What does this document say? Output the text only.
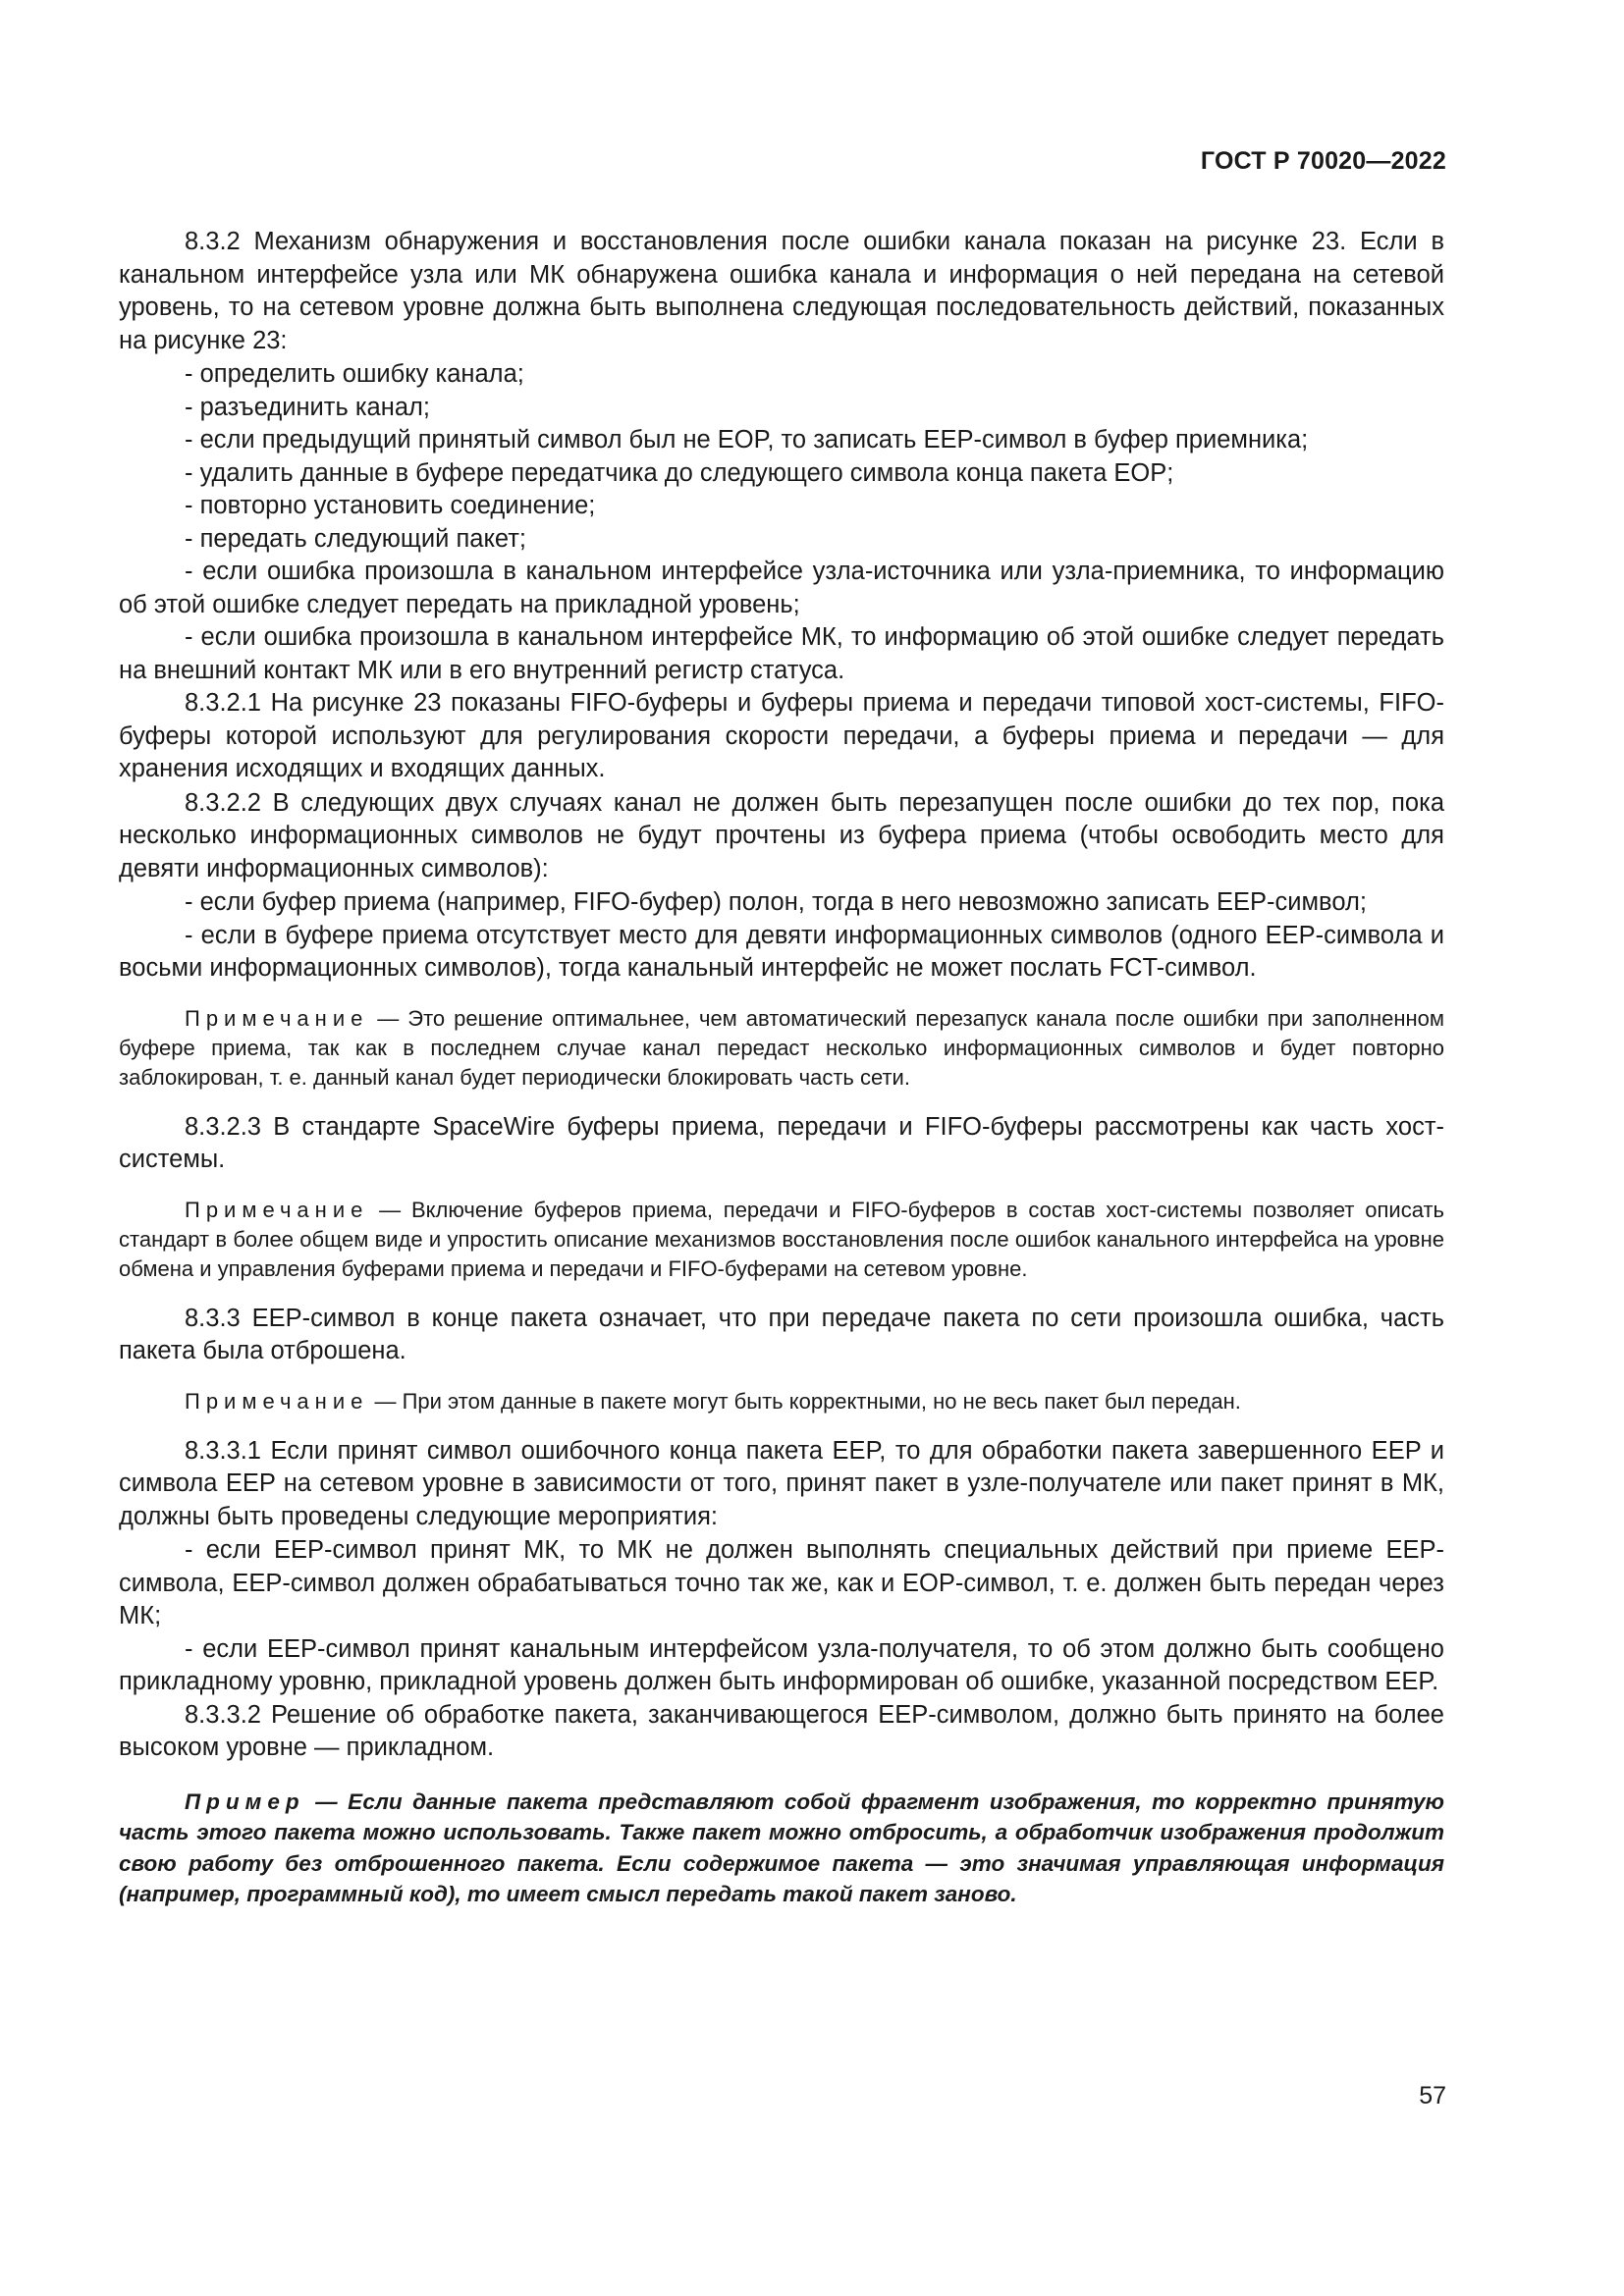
ГОСТ Р 70020—2022

8.3.2 Механизм обнаружения и восстановления после ошибки канала показан на рисунке 23. Если в канальном интерфейсе узла или МК обнаружена ошибка канала и информация о ней передана на сетевой уровень, то на сетевом уровне должна быть выполнена следующая последовательность действий, показанных на рисунке 23:

- определить ошибку канала;

- разъединить канал;

- если предыдущий принятый символ был не EOP, то записать EEP-символ в буфер приемника;

- удалить данные в буфере передатчика до следующего символа конца пакета EOP;

- повторно установить соединение;

- передать следующий пакет;

- если ошибка произошла в канальном интерфейсе узла-источника или узла-приемника, то информацию об этой ошибке следует передать на прикладной уровень;

- если ошибка произошла в канальном интерфейсе МК, то информацию об этой ошибке следует передать на внешний контакт МК или в его внутренний регистр статуса.

8.3.2.1 На рисунке 23 показаны FIFO-буферы и буферы приема и передачи типовой хост-системы, FIFO-буферы которой используют для регулирования скорости передачи, а буферы приема и передачи — для хранения исходящих и входящих данных.

8.3.2.2 В следующих двух случаях канал не должен быть перезапущен после ошибки до тех пор, пока несколько информационных символов не будут прочтены из буфера приема (чтобы освободить место для девяти информационных символов):

- если буфер приема (например, FIFO-буфер) полон, тогда в него невозможно записать EEP-символ;

- если в буфере приема отсутствует место для девяти информационных символов (одного EEP-символа и восьми информационных символов), тогда канальный интерфейс не может послать FCT-символ.

Примечание — Это решение оптимальнее, чем автоматический перезапуск канала после ошибки при заполненном буфере приема, так как в последнем случае канал передаст несколько информационных символов и будет повторно заблокирован, т. е. данный канал будет периодически блокировать часть сети.

8.3.2.3 В стандарте SpaceWire буферы приема, передачи и FIFO-буферы рассмотрены как часть хост-системы.

Примечание — Включение буферов приема, передачи и FIFO-буферов в состав хост-системы позволяет описать стандарт в более общем виде и упростить описание механизмов восстановления после ошибок канального интерфейса на уровне обмена и управления буферами приема и передачи и FIFO-буферами на сетевом уровне.

8.3.3 EEP-символ в конце пакета означает, что при передаче пакета по сети произошла ошибка, часть пакета была отброшена.

Примечание — При этом данные в пакете могут быть корректными, но не весь пакет был передан.

8.3.3.1 Если принят символ ошибочного конца пакета EEP, то для обработки пакета завершенного EEP и символа EEP на сетевом уровне в зависимости от того, принят пакет в узле-получателе или пакет принят в МК, должны быть проведены следующие мероприятия:

- если EEP-символ принят МК, то МК не должен выполнять специальных действий при приеме EEP-символа, EEP-символ должен обрабатываться точно так же, как и EOP-символ, т. е. должен быть передан через МК;

- если EEP-символ принят канальным интерфейсом узла-получателя, то об этом должно быть сообщено прикладному уровню, прикладной уровень должен быть информирован об ошибке, указанной посредством EEP.

8.3.3.2 Решение об обработке пакета, заканчивающегося EEP-символом, должно быть принято на более высоком уровне — прикладном.

Пример — Если данные пакета представляют собой фрагмент изображения, то корректно принятую часть этого пакета можно использовать. Также пакет можно отбросить, а обработчик изображения продолжит свою работу без отброшенного пакета. Если содержимое пакета — это значимая управляющая информация (например, программный код), то имеет смысл передать такой пакет заново.

57
